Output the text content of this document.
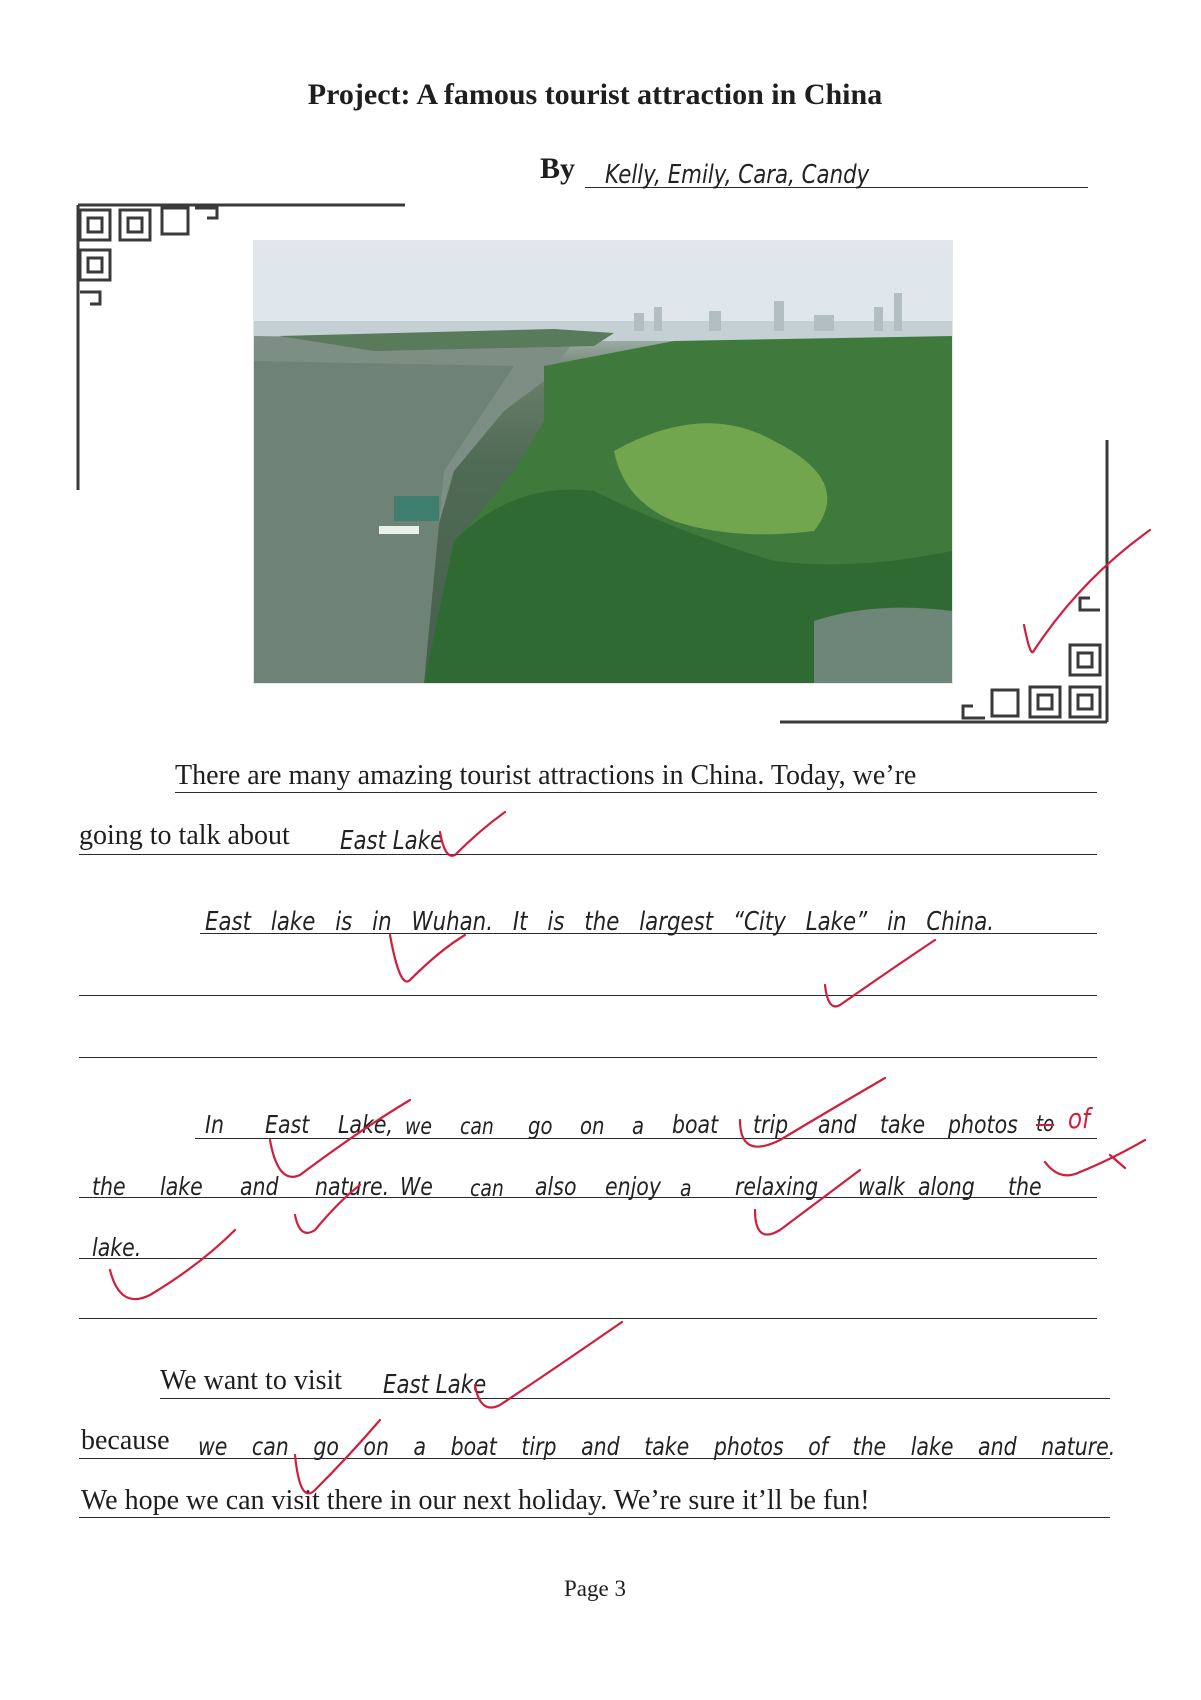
Project: A famous tourist attraction in China
By Kelly, Emily, Cara, Candy
There are many amazing tourist attractions in China. Today, we’re
going to talk about East Lake
East lake is in Wuhan. It is the largest “City Lake” in China.
In East Lake, we can go on a boat trip and take photos to of
the lake and nature. We can also enjoy a relaxing walk along the
lake.
We want to visit East Lake
because we can go on a boat tirp and take photos of the lake and nature.
We hope we can visit there in our next holiday. We’re sure it’ll be fun!
Page 3
